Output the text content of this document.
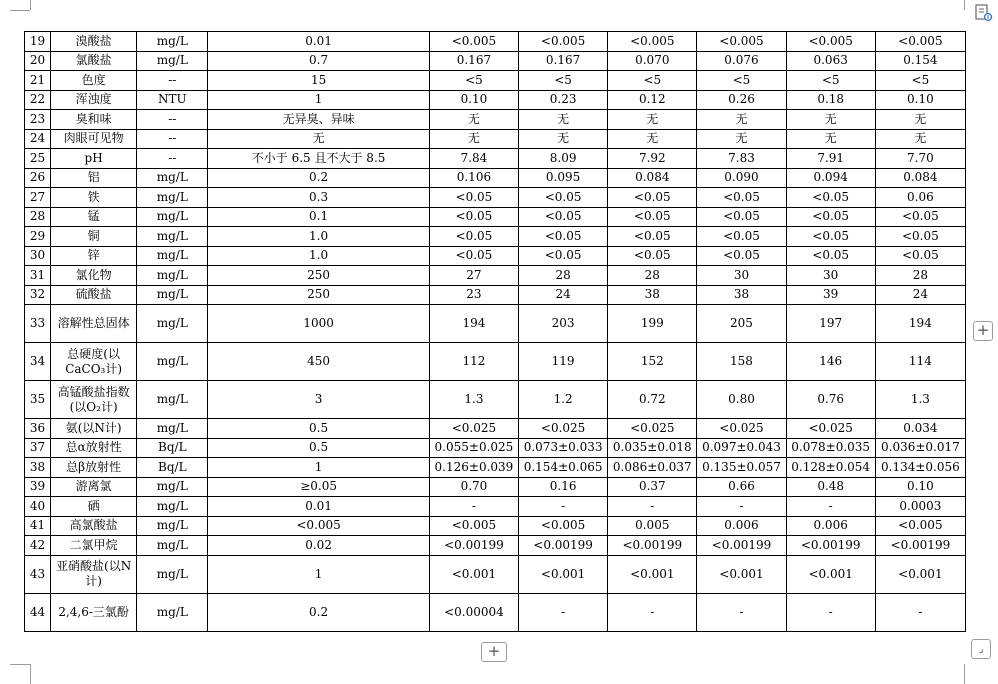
19	溴酸盐	mg/L	0.01	<0.005	<0.005	<0.005	<0.005	<0.005	<0.005
20	氯酸盐	mg/L	0.7	0.167	0.167	0.070	0.076	0.063	0.154
21	色度	--	15	<5	<5	<5	<5	<5	<5
22	浑浊度	NTU	1	0.10	0.23	0.12	0.26	0.18	0.10
23	臭和味	--	无异臭、异味	无	无	无	无	无	无
24	肉眼可见物	--	无	无	无	无	无	无	无
25	pH	--	不小于 6.5 且不大于 8.5	7.84	8.09	7.92	7.83	7.91	7.70
26	铝	mg/L	0.2	0.106	0.095	0.084	0.090	0.094	0.084
27	铁	mg/L	0.3	<0.05	<0.05	<0.05	<0.05	<0.05	0.06
28	锰	mg/L	0.1	<0.05	<0.05	<0.05	<0.05	<0.05	<0.05
29	铜	mg/L	1.0	<0.05	<0.05	<0.05	<0.05	<0.05	<0.05
30	锌	mg/L	1.0	<0.05	<0.05	<0.05	<0.05	<0.05	<0.05
31	氯化物	mg/L	250	27	28	28	30	30	28
32	硫酸盐	mg/L	250	23	24	38	38	39	24
33	溶解性总固体	mg/L	1000	194	203	199	205	197	194
34	总硬度(以CaCO₃计)	mg/L	450	112	119	152	158	146	114
35	高锰酸盐指数(以O₂计)	mg/L	3	1.3	1.2	0.72	0.80	0.76	1.3
36	氨(以N计)	mg/L	0.5	<0.025	<0.025	<0.025	<0.025	<0.025	0.034
37	总α放射性	Bq/L	0.5	0.055±0.025	0.073±0.033	0.035±0.018	0.097±0.043	0.078±0.035	0.036±0.017
38	总β放射性	Bq/L	1	0.126±0.039	0.154±0.065	0.086±0.037	0.135±0.057	0.128±0.054	0.134±0.056
39	游离氯	mg/L	≥0.05	0.70	0.16	0.37	0.66	0.48	0.10
40	硒	mg/L	0.01	-	-	-	-	-	0.0003
41	高氯酸盐	mg/L	<0.005	<0.005	<0.005	0.005	0.006	0.006	<0.005
42	二氯甲烷	mg/L	0.02	<0.00199	<0.00199	<0.00199	<0.00199	<0.00199	<0.00199
43	亚硝酸盐(以N计)	mg/L	1	<0.001	<0.001	<0.001	<0.001	<0.001	<0.001
44	2,4,6-三氯酚	mg/L	0.2	<0.00004	-	-	-	-	-
+
+	⌟
